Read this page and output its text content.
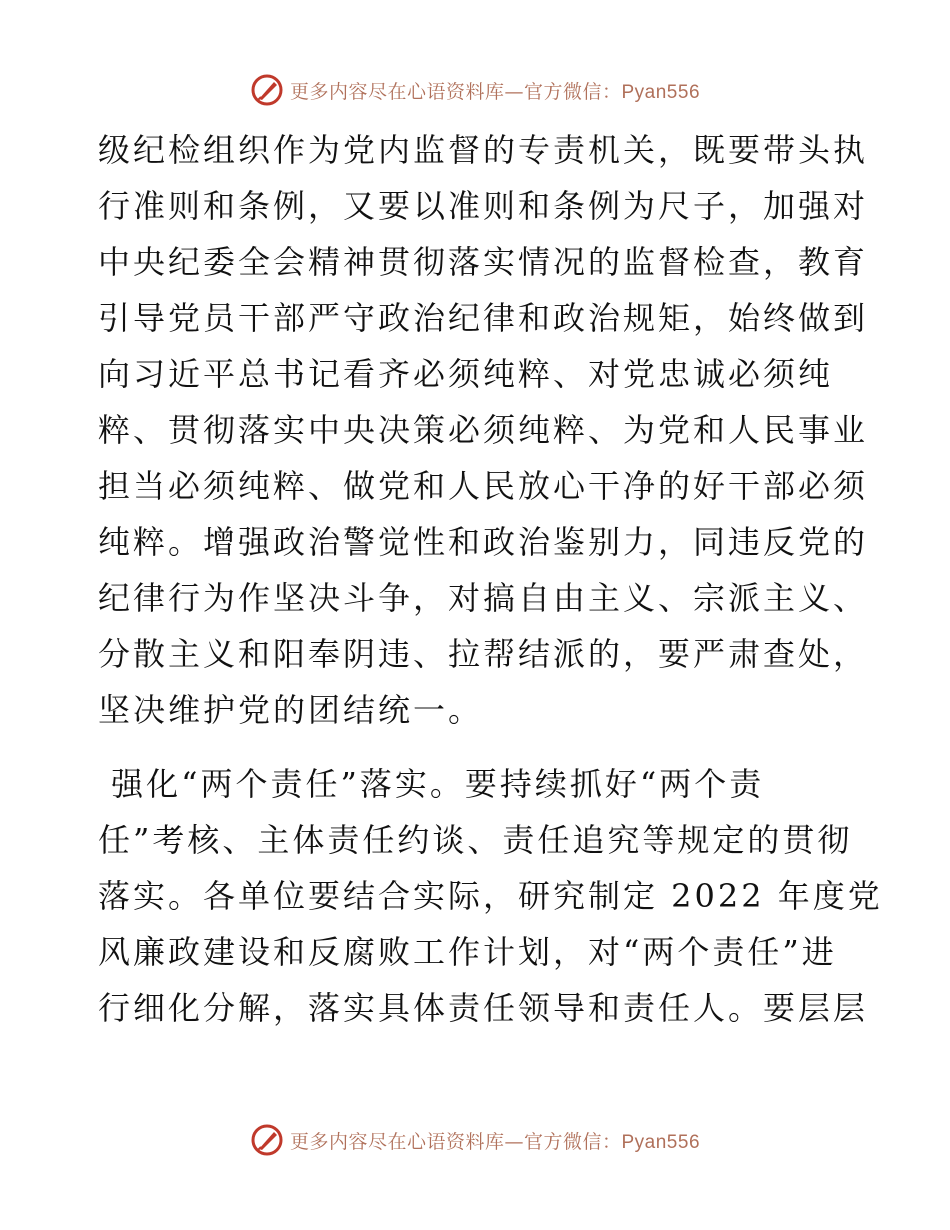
更多内容尽在心语资料库—官方微信：Pyan556
级纪检组织作为党内监督的专责机关，既要带头执
行准则和条例，又要以准则和条例为尺子，加强对
中央纪委全会精神贯彻落实情况的监督检查，教育
引导党员干部严守政治纪律和政治规矩，始终做到
向习近平总书记看齐必须纯粹、对党忠诚必须纯
粹、贯彻落实中央决策必须纯粹、为党和人民事业
担当必须纯粹、做党和人民放心干净的好干部必须
纯粹。增强政治警觉性和政治鉴别力，同违反党的
纪律行为作坚决斗争，对搞自由主义、宗派主义、
分散主义和阳奉阴违、拉帮结派的，要严肃查处，
坚决维护党的团结统一。
强化“两个责任”落实。要持续抓好“两个责
任”考核、主体责任约谈、责任追究等规定的贯彻
落实。各单位要结合实际，研究制定 2022 年度党
风廉政建设和反腐败工作计划，对“两个责任”进
行细化分解，落实具体责任领导和责任人。要层层
更多内容尽在心语资料库—官方微信：Pyan556
